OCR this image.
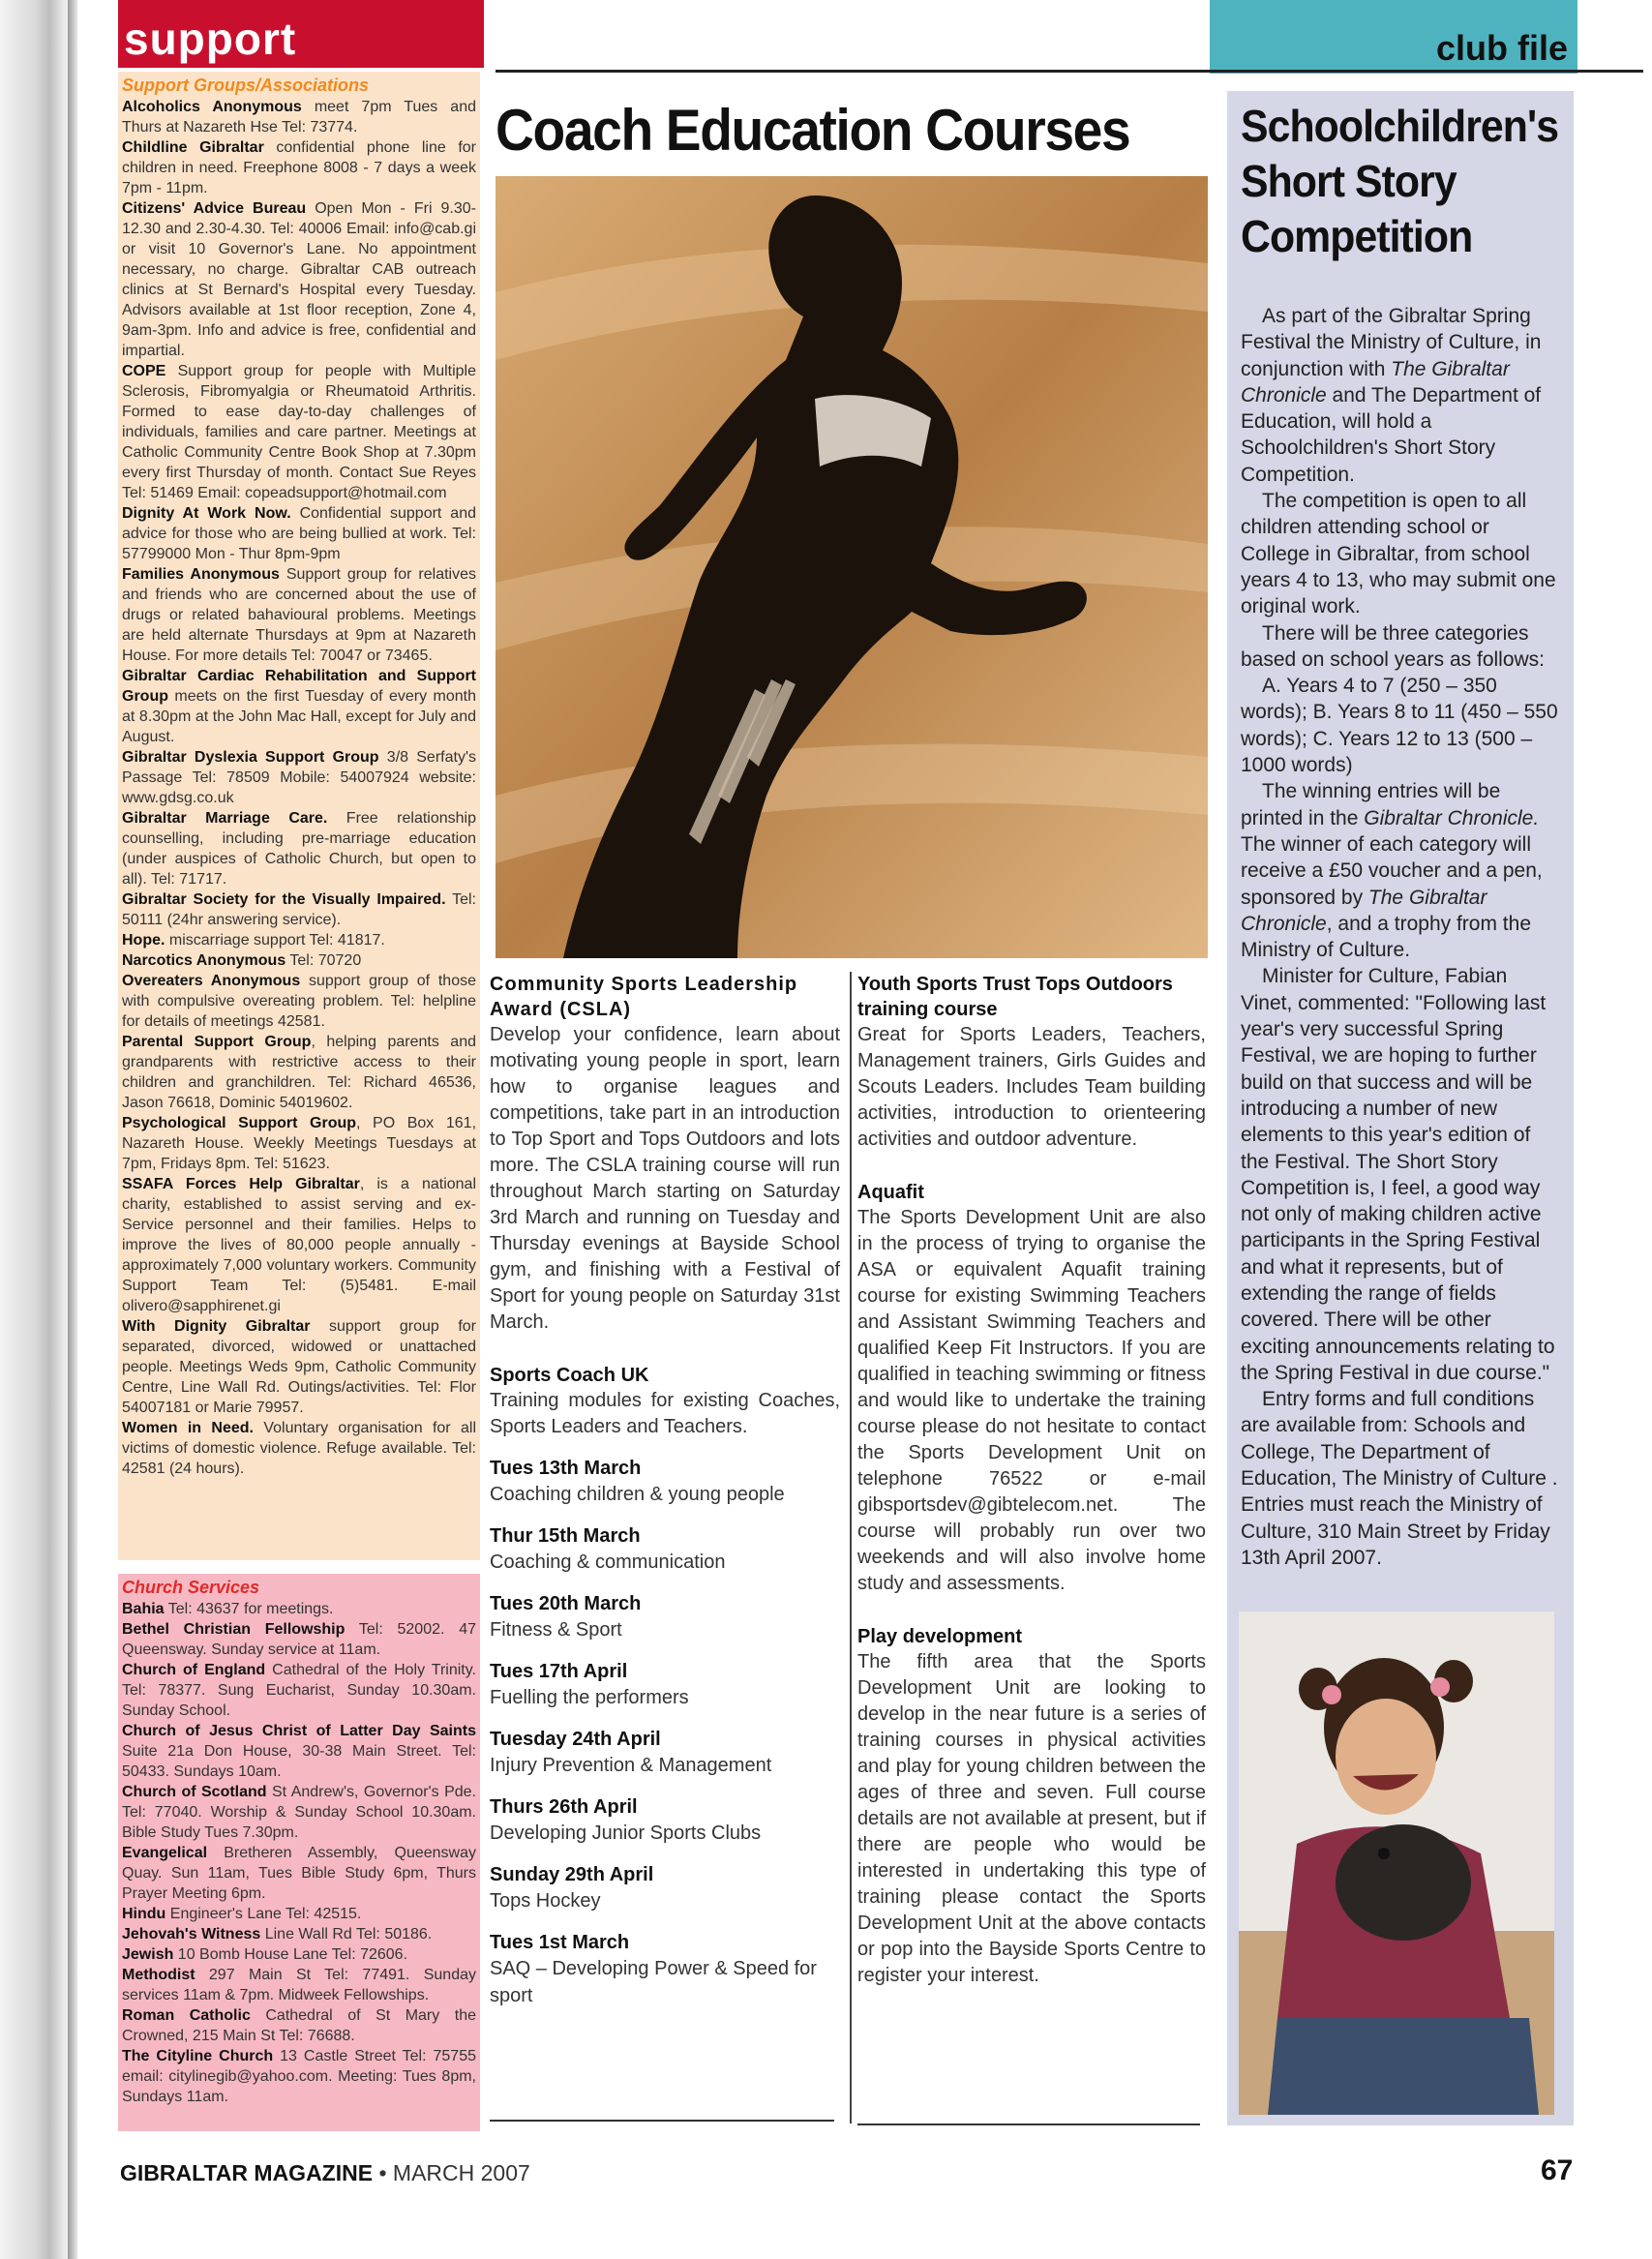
support	club file
Support Groups/Associations

Alcoholics Anonymous meet 7pm Tues and Thurs at Nazareth Hse Tel: 73774.

Childline Gibraltar confidential phone line for children in need. Freephone 8008 - 7 days a week 7pm - 11pm.

Citizens' Advice Bureau Open Mon - Fri 9.30-12.30 and 2.30-4.30. Tel: 40006 Email: info@cab.gi or visit 10 Governor's Lane. No appointment necessary, no charge. Gibraltar CAB outreach clinics at St Bernard's Hospital every Tuesday. Advisors available at 1st floor reception, Zone 4, 9am-3pm. Info and advice is free, confidential and impartial.

COPE Support group for people with Multiple Sclerosis, Fibromyalgia or Rheumatoid Arthritis. Formed to ease day-to-day challenges of individuals, families and care partner. Meetings at Catholic Community Centre Book Shop at 7.30pm every first Thursday of month. Contact Sue Reyes Tel: 51469 Email: copeadsupport@hotmail.com

Dignity At Work Now. Confidential support and advice for those who are being bullied at work. Tel: 57799000 Mon - Thur 8pm-9pm

Families Anonymous Support group for relatives and friends who are concerned about the use of drugs or related bahavioural problems. Meetings are held alternate Thursdays at 9pm at Nazareth House. For more details Tel: 70047 or 73465.

Gibraltar Cardiac Rehabilitation and Support Group meets on the first Tuesday of every month at 8.30pm at the John Mac Hall, except for July and August.

Gibraltar Dyslexia Support Group 3/8 Serfaty's Passage Tel: 78509 Mobile: 54007924 website: www.gdsg.co.uk

Gibraltar Marriage Care. Free relationship counselling, including pre-marriage education (under auspices of Catholic Church, but open to all). Tel: 71717.

Gibraltar Society for the Visually Impaired. Tel: 50111 (24hr answering service).

Hope. miscarriage support Tel: 41817.

Narcotics Anonymous Tel: 70720

Overeaters Anonymous support group of those with compulsive overeating problem. Tel: helpline for details of meetings 42581.

Parental Support Group, helping parents and grandparents with restrictive access to their children and granchildren. Tel: Richard 46536, Jason 76618, Dominic 54019602.

Psychological Support Group, PO Box 161, Nazareth House. Weekly Meetings Tuesdays at 7pm, Fridays 8pm. Tel: 51623.

SSAFA Forces Help Gibraltar, is a national charity, established to assist serving and ex-Service personnel and their families. Helps to improve the lives of 80,000 people annually - approximately 7,000 voluntary workers. Community Support Team Tel: (5)5481. E-mail olivero@sapphirenet.gi

With Dignity Gibraltar support group for separated, divorced, widowed or unattached people. Meetings Weds 9pm, Catholic Community Centre, Line Wall Rd. Outings/activities. Tel: Flor 54007181 or Marie 79957.

Women in Need. Voluntary organisation for all victims of domestic violence. Refuge available. Tel: 42581 (24 hours).

Church Services

Bahia Tel: 43637 for meetings.

Bethel Christian Fellowship Tel: 52002. 47 Queensway. Sunday service at 11am.

Church of England Cathedral of the Holy Trinity. Tel: 78377. Sung Eucharist, Sunday 10.30am. Sunday School.

Church of Jesus Christ of Latter Day Saints Suite 21a Don House, 30-38 Main Street. Tel: 50433. Sundays 10am.

Church of Scotland St Andrew's, Governor's Pde. Tel: 77040. Worship & Sunday School 10.30am. Bible Study Tues 7.30pm.

Evangelical Bretheren Assembly, Queensway Quay. Sun 11am, Tues Bible Study 6pm, Thurs Prayer Meeting 6pm.

Hindu Engineer's Lane Tel: 42515.

Jehovah's Witness Line Wall Rd Tel: 50186.

Jewish 10 Bomb House Lane Tel: 72606.

Methodist 297 Main St Tel: 77491. Sunday services 11am & 7pm. Midweek Fellowships.

Roman Catholic Cathedral of St Mary the Crowned, 215 Main St Tel: 76688.

The Cityline Church 13 Castle Street Tel: 75755 email: citylinegib@yahoo.com. Meeting: Tues 8pm, Sundays 11am.

Coach Education Courses

Community Sports Leadership Award (CSLA)

Develop your confidence, learn about motivating young people in sport, learn how to organise leagues and competitions, take part in an introduction to Top Sport and Tops Outdoors and lots more. The CSLA training course will run throughout March starting on Saturday 3rd March and running on Tuesday and Thursday evenings at Bayside School gym, and finishing with a Festival of Sport for young people on Saturday 31st March.

Sports Coach UK

Training modules for existing Coaches, Sports Leaders and Teachers.

Tues 13th March
Coaching children & young people
Thur 15th March
Coaching & communication
Tues 20th March
Fitness & Sport
Tues 17th April
Fuelling the performers
Tuesday 24th April
Injury Prevention & Management
Thurs 26th April
Developing Junior Sports Clubs
Sunday 29th April
Tops Hockey
Tues 1st March
SAQ – Developing Power & Speed for sport

Youth Sports Trust Tops Outdoors training course

Great for Sports Leaders, Teachers, Management trainers, Girls Guides and Scouts Leaders. Includes Team building activities, introduction to orienteering activities and outdoor adventure.

Aquafit

The Sports Development Unit are also in the process of trying to organise the ASA or equivalent Aquafit training course for existing Swimming Teachers and Assistant Swimming Teachers and qualified Keep Fit Instructors. If you are qualified in teaching swimming or fitness and would like to undertake the training course please do not hesitate to contact the Sports Development Unit on telephone 76522 or e-mail gibsportsdev@gibtelecom.net. The course will probably run over two weekends and will also involve home study and assessments.

Play development

The fifth area that the Sports Development Unit are looking to develop in the near future is a series of training courses in physical activities and play for young children between the ages of three and seven. Full course details are not available at present, but if there are people who would be interested in undertaking this type of training please contact the Sports Development Unit at the above contacts or pop into the Bayside Sports Centre to register your interest.

Schoolchildren's Short Story Competition

As part of the Gibraltar Spring Festival the Ministry of Culture, in conjunction with The Gibraltar Chronicle and The Department of Education, will hold a Schoolchildren's Short Story Competition.

The competition is open to all children attending school or College in Gibraltar, from school years 4 to 13, who may submit one original work.

There will be three categories based on school years as follows:

A. Years 4 to 7 (250 – 350 words); B. Years 8 to 11 (450 – 550 words); C. Years 12 to 13 (500 – 1000 words)

The winning entries will be printed in the Gibraltar Chronicle. The winner of each category will receive a £50 voucher and a pen, sponsored by The Gibraltar Chronicle, and a trophy from the Ministry of Culture.

Minister for Culture, Fabian Vinet, commented: "Following last year's very successful Spring Festival, we are hoping to further build on that success and will be introducing a number of new elements to this year's edition of the Festival. The Short Story Competition is, I feel, a good way not only of making children active participants in the Spring Festival and what it represents, but of extending the range of fields covered. There will be other exciting announcements relating to the Spring Festival in due course."

Entry forms and full conditions are available from: Schools and College, The Department of Education, The Ministry of Culture . Entries must reach the Ministry of Culture, 310 Main Street by Friday 13th April 2007.

GIBRALTAR MAGAZINE • MARCH 2007	67
